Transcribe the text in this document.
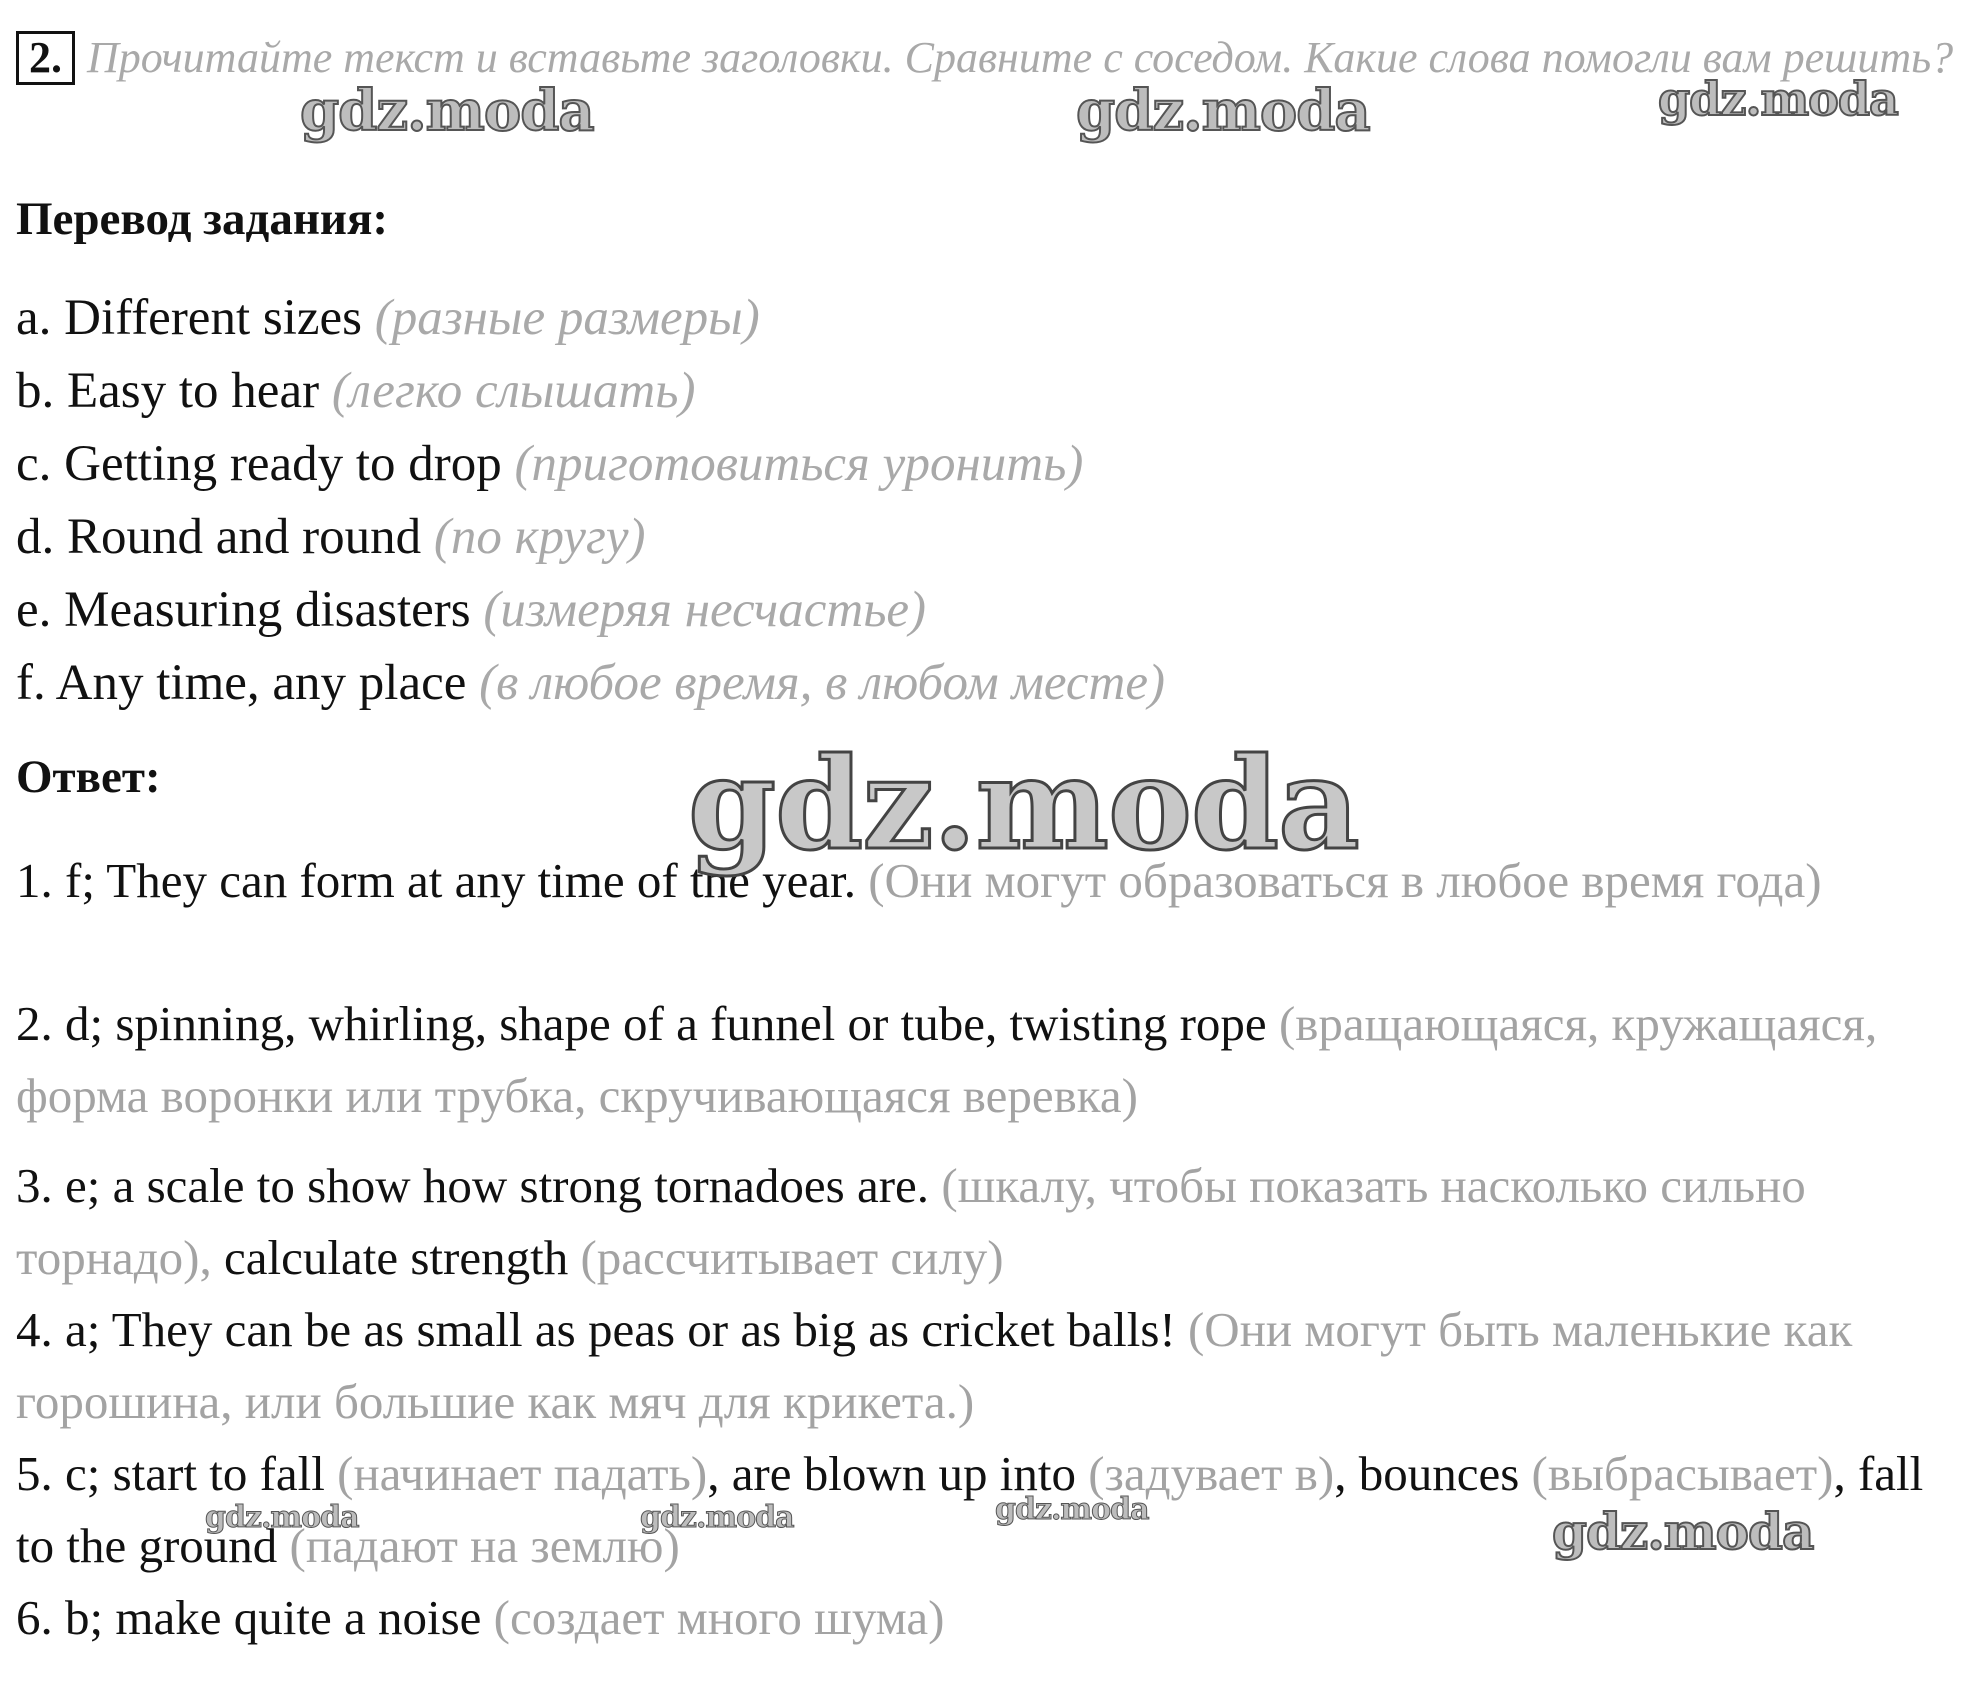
2. Прочитайте текст и вставьте заголовки. Сравните с соседом. Какие слова помогли вам решить?
Перевод задания:
a. Different sizes (разные размеры)
b. Easy to hear (легко слышать)
c. Getting ready to drop (приготовиться уронить)
d. Round and round (по кругу)
e. Measuring disasters (измеряя несчастье)
f. Any time, any place (в любое время, в любом месте)
Ответ:
1. f; They can form at any time of the year. (Они могут образоваться в любое время года)
2. d; spinning, whirling, shape of a funnel or tube, twisting rope (вращающаяся, кружащаяся, форма воронки или трубка, скручивающаяся веревка)
3. e; a scale to show how strong tornadoes are. (шкалу, чтобы показать насколько сильно торнадо), calculate strength (рассчитывает силу)
4. a; They can be as small as peas or as big as cricket balls! (Они могут быть маленькие как горошина, или большие как мяч для крикета.)
5. c; start to fall (начинает падать), are blown up into (задувает в), bounces (выбрасывает), fall to the ground (падают на землю)
6. b; make quite a noise (создает много шума)
gdz.moda	gdz.moda	gdz.moda
gdz.moda
gdz.moda	gdz.moda	gdz.moda	gdz.moda
